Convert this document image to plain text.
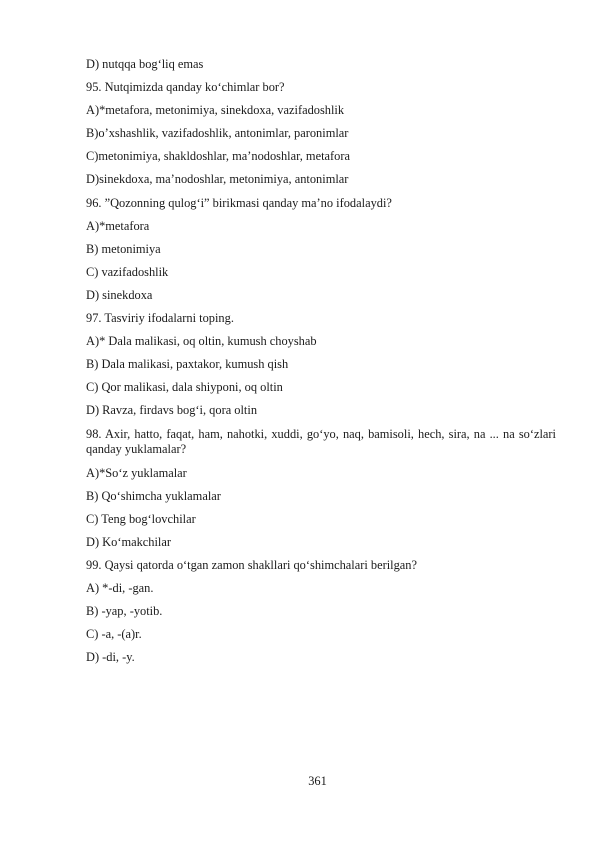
D) nutqqa bog‘liq emas

95. Nutqimizda qanday ko‘chimlar bor?

A)*metafora, metonimiya, sinekdoxa, vazifadoshlik

B)o’xshashlik, vazifadoshlik, antonimlar, paronimlar

C)metonimiya, shakldoshlar, ma’nodoshlar, metafora

D)sinekdoxa, ma’nodoshlar, metonimiya, antonimlar

96. ”Qozonning qulog‘i” birikmasi qanday ma’no ifodalaydi?

A)*metafora

B) metonimiya

C) vazifadoshlik

D) sinekdoxa

97. Tasviriy ifodalarni toping.

A)* Dala malikasi, oq oltin, kumush choyshab

B) Dala malikasi, paxtakor, kumush qish

C) Qor malikasi, dala shiyponi, oq oltin

D) Ravza, firdavs bog‘i, qora oltin

98. Axir, hatto, faqat, ham, nahotki, xuddi, go‘yo, naq, bamisoli, hech, sira, na ... na so‘zlari qanday yuklamalar?

A)*So‘z yuklamalar

B) Qo‘shimcha yuklamalar

C) Teng bog‘lovchilar

D) Ko‘makchilar

99. Qaysi qatorda o‘tgan zamon shakllari qo‘shimchalari berilgan?

A) *-di, -gan.

B) -yap, -yotib.

C) -a, -(a)r.

D) -di, -y.

361
